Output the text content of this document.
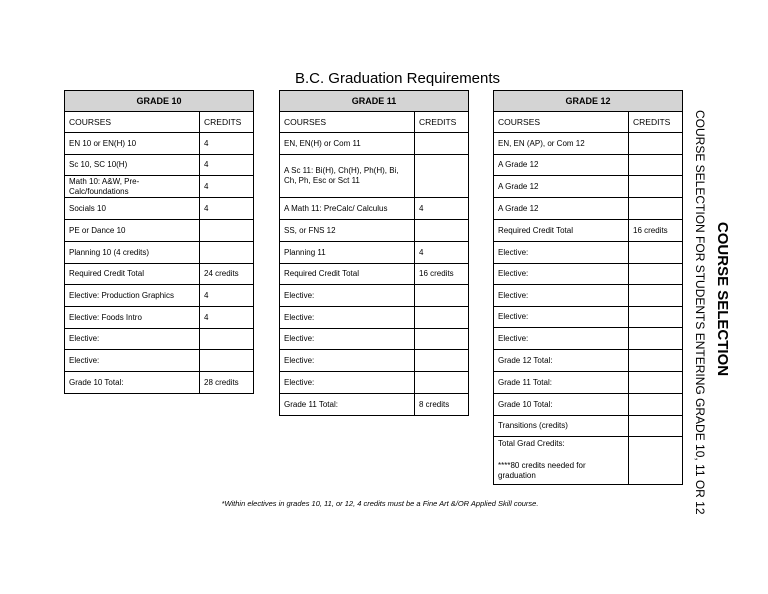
B.C. Graduation Requirements
GRADE 10	
COURSES	CREDITS
EN 10 or EN(H) 10	4
Sc 10, SC 10(H)	4
Math 10: A&W, Pre-Calc/foundations	4
Socials 10	4
PE or Dance 10	
Planning 10 (4 credits)	
Required Credit Total	24 credits
Elective: Production Graphics	4
Elective: Foods Intro	4
Elective:	
Elective:	
Grade 10 Total:	28 credits
GRADE 11	
COURSES	CREDITS
EN, EN(H) or Com 11	
A Sc 11: Bi(H), Ch(H), Ph(H), Bi, Ch, Ph, Esc or Sct 11	
A Math 11: PreCalc/ Calculus	4
SS, or FNS 12	
Planning 11	4
Required Credit Total	16 credits
Elective:	
Elective:	
Elective:	
Elective:	
Elective:	
Grade 11 Total:	8 credits
GRADE 12	
COURSES	CREDITS
EN, EN (AP), or Com 12	
A Grade 12	
A Grade 12	
A Grade 12	
Required Credit Total	16 credits
Elective:	
Elective:	
Elective:	
Elective:	
Elective:	
Grade 12 Total:	
Grade 11 Total:	
Grade 10 Total:	
Transitions (credits)	

Total Grad Credits:
****80 credits needed for graduation	

*Within electives in grades 10, 11, or 12, 4 credits must be a Fine Art &/OR Applied Skill course.
COURSE SELECTION
COURSE SELECTION FOR STUDENTS ENTERING GRADE 10, 11 OR 12
